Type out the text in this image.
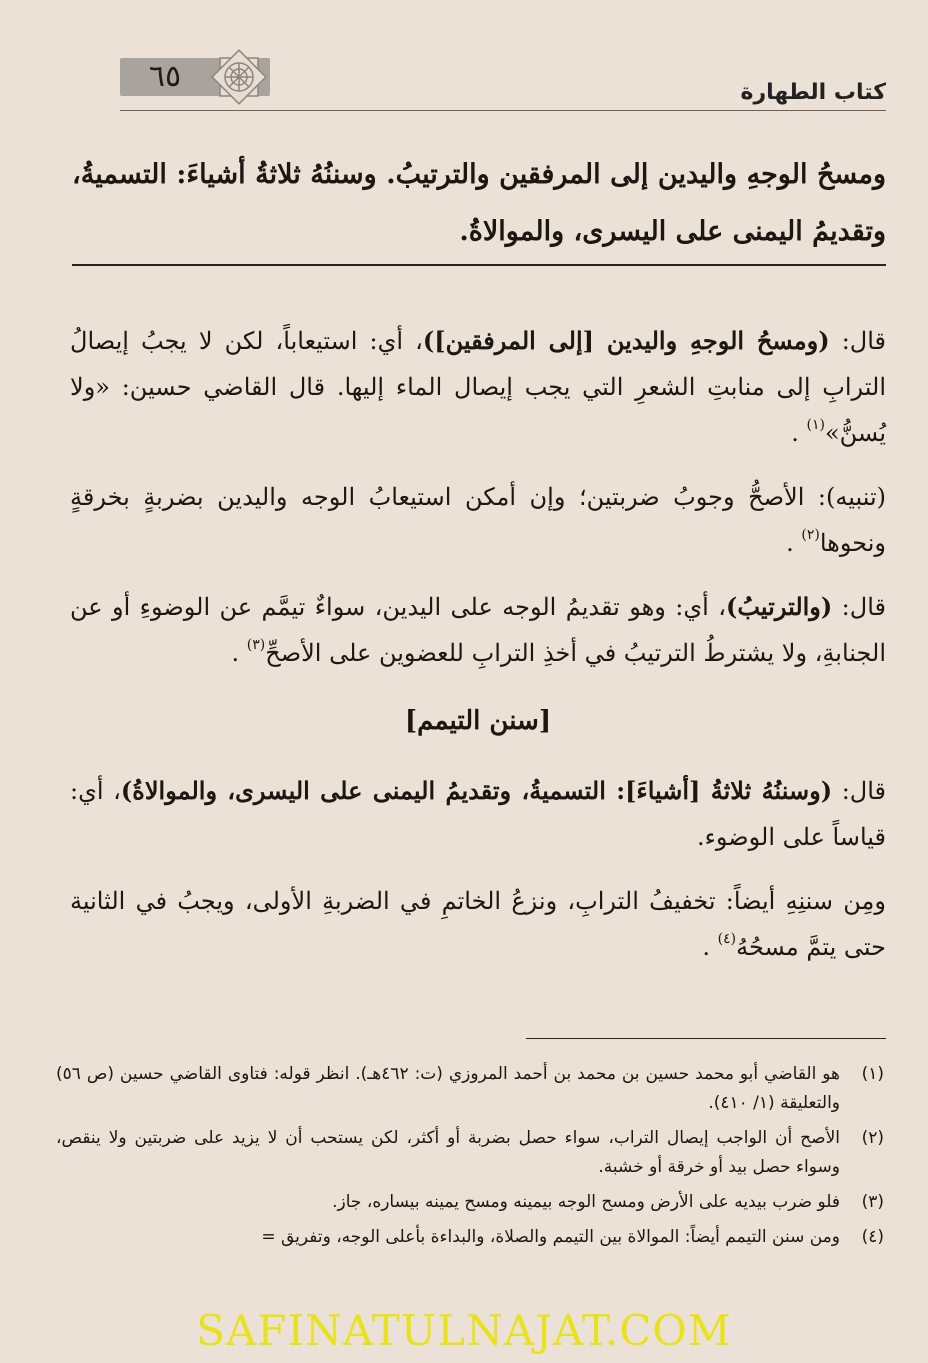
٦٥	كتاب الطهارة
ومسحُ الوجهِ واليدين إلى المرفقين والترتيبُ. وسننُهُ ثلاثةُ أشياءَ: التسميةُ، وتقديمُ اليمنى على اليسرى، والموالاةُ.

قال: (ومسحُ الوجهِ واليدين [إلى المرفقين])، أي: استيعاباً، لكن لا يجبُ إيصالُ الترابِ إلى منابتِ الشعرِ التي يجب إيصال الماء إليها. قال القاضي حسين: «ولا يُسنُّ»$^{(١)}$ .

(تنبيه): الأصحُّ وجوبُ ضربتين؛ وإن أمكن استيعابُ الوجه واليدين بضربةٍ بخرقةٍ ونحوها$^{(٢)}$ .

قال: (والترتيبُ)، أي: وهو تقديمُ الوجه على اليدين، سواءٌ تيمَّم عن الوضوءِ أو عن الجنابةِ، ولا يشترطُ الترتيبُ في أخذِ الترابِ للعضوين على الأصحِّ$^{(٣)}$ .

[سنن التيمم]

قال: (وسننُهُ ثلاثةُ [أشياءَ]: التسميةُ، وتقديمُ اليمنى على اليسرى، والموالاةُ)، أي: قياساً على الوضوء.

ومِن سننِهِ أيضاً: تخفيفُ الترابِ، ونزعُ الخاتمِ في الضربةِ الأولى، ويجبُ في الثانية حتى يتمَّ مسحُهُ$^{(٤)}$ .

(١)
هو القاضي أبو محمد حسين بن محمد بن أحمد المروزي (ت: ٤٦٢هـ). انظر قوله: فتاوى القاضي حسين (ص ٥٦) والتعليقة (١/ ٤١٠).
(٢)
الأصح أن الواجب إيصال التراب، سواء حصل بضربة أو أكثر، لكن يستحب أن لا يزيد على ضربتين ولا ينقص، وسواء حصل بيد أو خرقة أو خشبة.
(٣)
فلو ضرب بيديه على الأرض ومسح الوجه بيمينه ومسح يمينه بيساره، جاز.
(٤)
ومن سنن التيمم أيضاً: الموالاة بين التيمم والصلاة، والبداءة بأعلى الوجه، وتفريق =
SAFINATULNAJAT.COM
